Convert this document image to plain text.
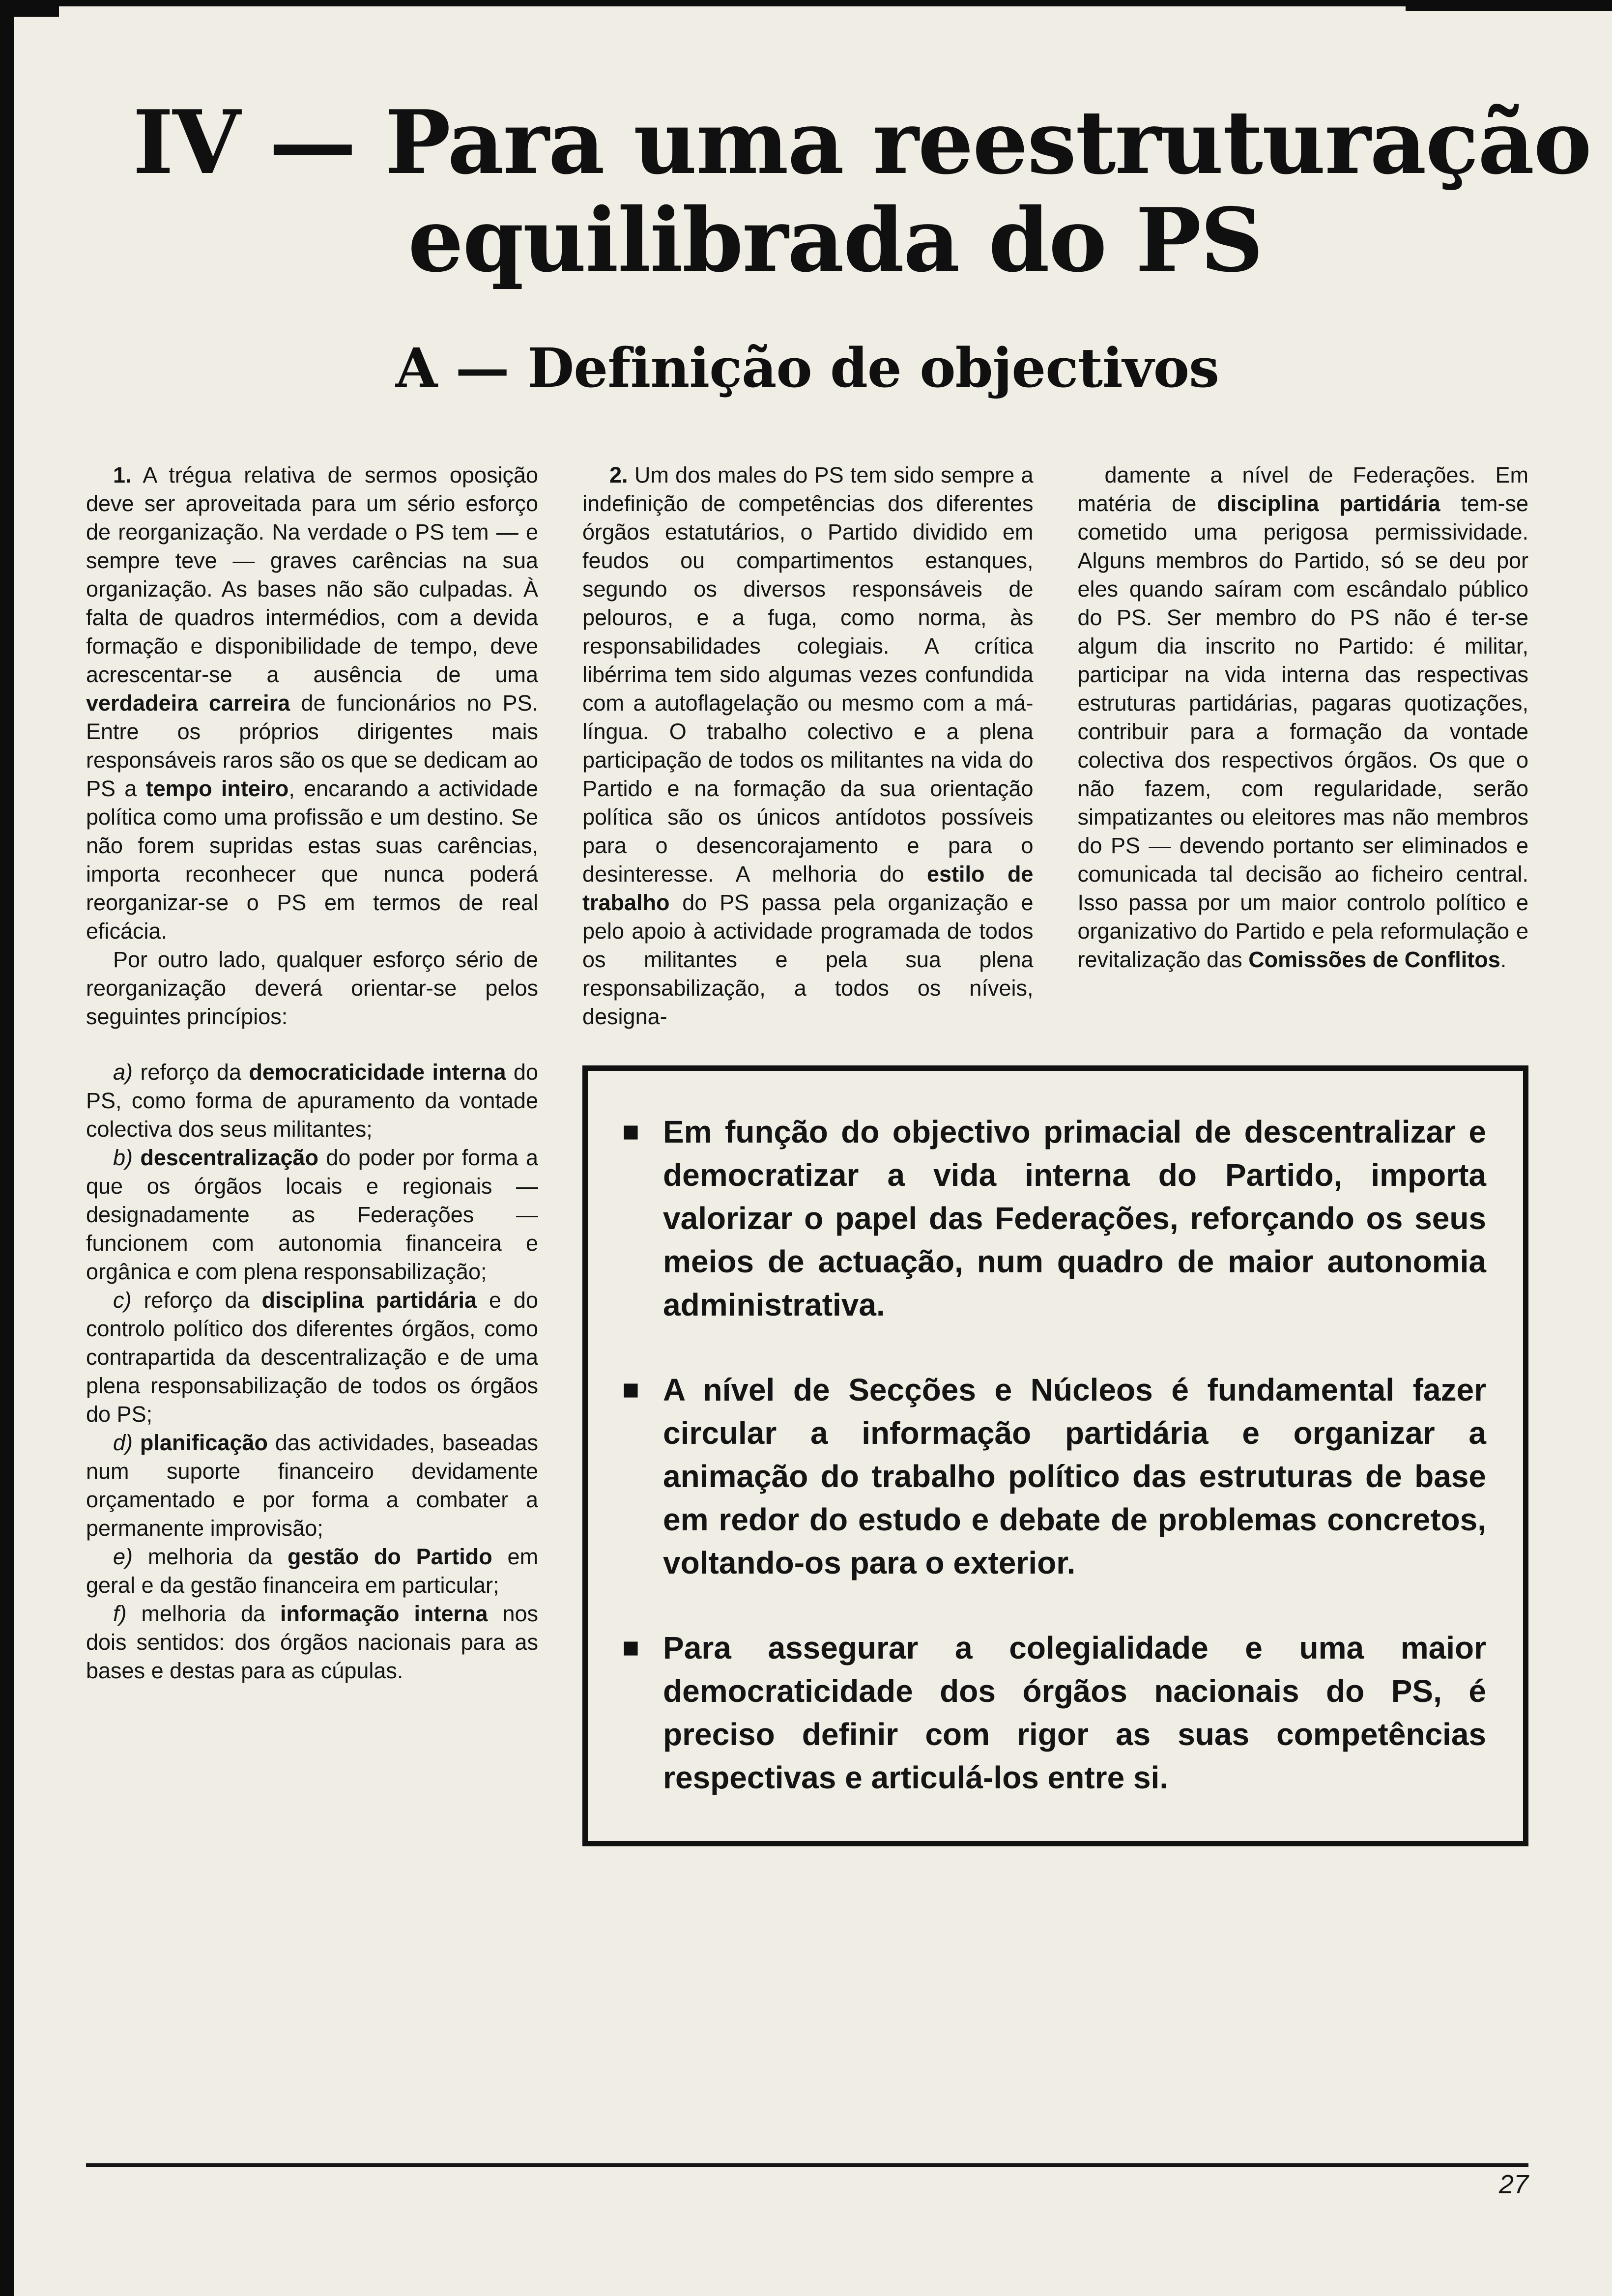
IV — Para uma reestruturação
equilibrada do PS
A — Definição de objectivos

1. A trégua relativa de sermos oposição deve ser aproveitada para um sério esforço de reorganização. Na verdade o PS tem — e sempre teve — graves carências na sua organização. As bases não são culpadas. À falta de quadros intermédios, com a devida formação e disponibilidade de tempo, deve acrescentar-se a ausência de uma verdadeira carreira de funcionários no PS. Entre os próprios dirigentes mais responsáveis raros são os que se dedicam ao PS a tempo inteiro, encarando a actividade política como uma profissão e um destino. Se não forem supridas estas suas carências, importa reconhecer que nunca poderá reorganizar-se o PS em termos de real eficácia.

Por outro lado, qualquer esforço sério de reorganização deverá orientar-se pelos seguintes princípios:

a) reforço da democraticidade interna do PS, como forma de apuramento da vontade colectiva dos seus militantes;

b) descentralização do poder por forma a que os órgãos locais e regionais — designadamente as Federações — funcionem com autonomia financeira e orgânica e com plena responsabilização;

c) reforço da disciplina partidária e do controlo político dos diferentes órgãos, como contrapartida da descentralização e de uma plena responsabilização de todos os órgãos do PS;

d) planificação das actividades, baseadas num suporte financeiro devidamente orçamentado e por forma a combater a permanente improvisão;

e) melhoria da gestão do Partido em geral e da gestão financeira em particular;

f) melhoria da informação interna nos dois sentidos: dos órgãos nacionais para as bases e destas para as cúpulas.

2. Um dos males do PS tem sido sempre a indefinição de competências dos diferentes órgãos estatutários, o Partido dividido em feudos ou compartimentos estanques, segundo os diversos responsáveis de pelouros, e a fuga, como norma, às responsabilidades colegiais. A crítica libérrima tem sido algumas vezes confundida com a autoflagelação ou mesmo com a má-língua. O trabalho colectivo e a plena participação de todos os militantes na vida do Partido e na formação da sua orientação política são os únicos antídotos possíveis para o desencorajamento e para o desinteresse. A melhoria do estilo de trabalho do PS passa pela organização e pelo apoio à actividade programada de todos os militantes e pela sua plena responsabilização, a todos os níveis, designa-

damente a nível de Federações. Em matéria de disciplina partidária tem-se cometido uma perigosa permissividade. Alguns membros do Partido, só se deu por eles quando saíram com escândalo público do PS. Ser membro do PS não é ter-se algum dia inscrito no Partido: é militar, participar na vida interna das respectivas estruturas partidárias, pagaras quotizações, contribuir para a formação da vontade colectiva dos respectivos órgãos. Os que o não fazem, com regularidade, serão simpatizantes ou eleitores mas não membros do PS — devendo portanto ser eliminados e comunicada tal decisão ao ficheiro central. Isso passa por um maior controlo político e organizativo do Partido e pela reformulação e revitalização das Comissões de Conflitos.

■ Em função do objectivo primacial de descentralizar e democratizar a vida interna do Partido, importa valorizar o papel das Federações, reforçando os seus meios de actuação, num quadro de maior autonomia administrativa.

■ A nível de Secções e Núcleos é fundamental fazer circular a informação partidária e organizar a animação do trabalho político das estruturas de base em redor do estudo e debate de problemas concretos, voltando-os para o exterior.

■ Para assegurar a colegialidade e uma maior democraticidade dos órgãos nacionais do PS, é preciso definir com rigor as suas competências respectivas e articulá-los entre si.

27
